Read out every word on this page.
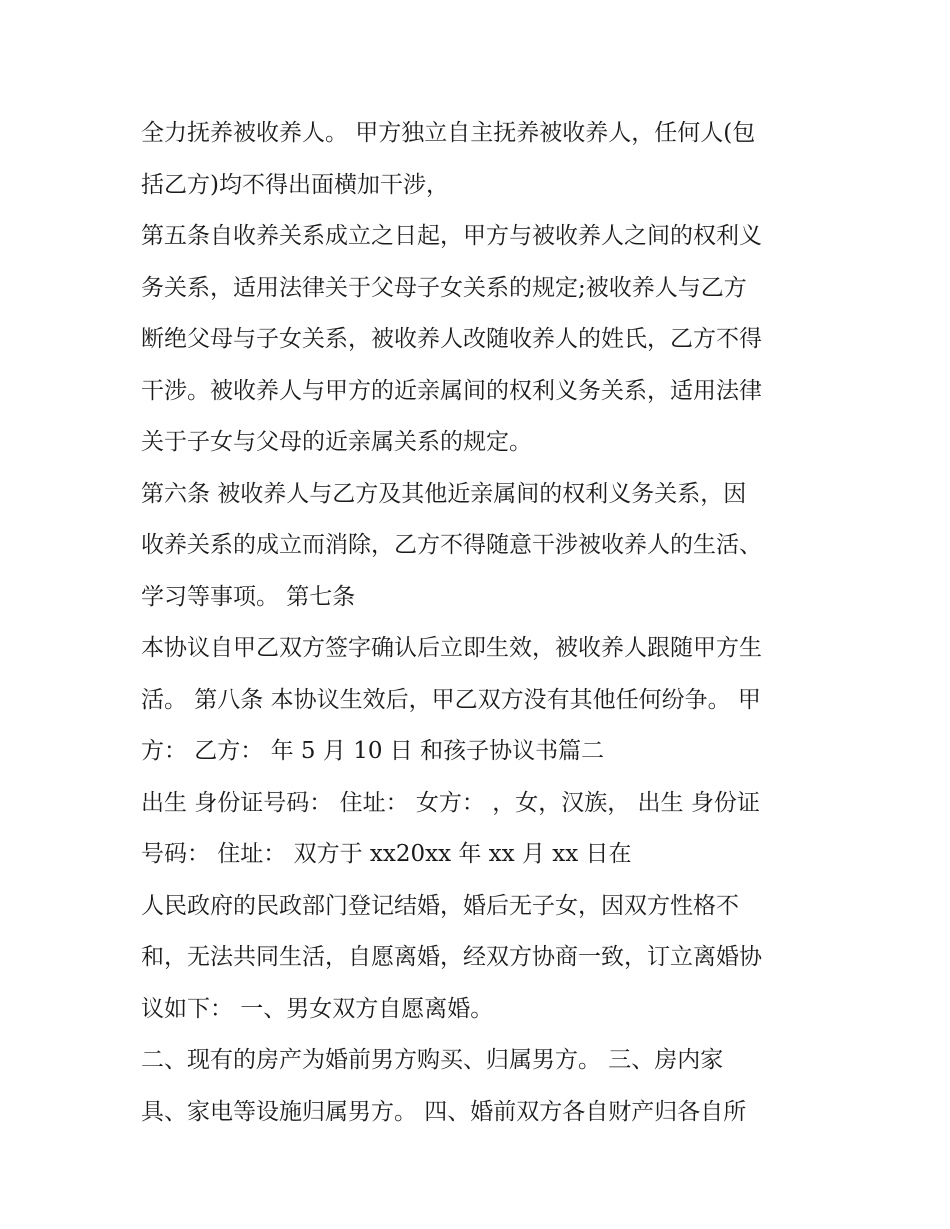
全力抚养被收养人。 甲方独立自主抚养被收养人，任何人(包
括乙方)均不得出面横加干涉，
第五条自收养关系成立之日起，甲方与被收养人之间的权利义
务关系，适用法律关于父母子女关系的规定;被收养人与乙方
断绝父母与子女关系，被收养人改随收养人的姓氏，乙方不得
干涉。被收养人与甲方的近亲属间的权利义务关系，适用法律
关于子女与父母的近亲属关系的规定。
第六条 被收养人与乙方及其他近亲属间的权利义务关系，因
收养关系的成立而消除，乙方不得随意干涉被收养人的生活、
学习等事项。 第七条
本协议自甲乙双方签字确认后立即生效，被收养人跟随甲方生
活。 第八条 本协议生效后，甲乙双方没有其他任何纷争。 甲
方： 乙方： 年 5 月 10 日 和孩子协议书篇二
出生 身份证号码： 住址： 女方： ，女，汉族， 出生 身份证
号码： 住址： 双方于 xx20xx 年 xx 月 xx 日在
人民政府的民政部门登记结婚，婚后无子女，因双方性格不
和，无法共同生活，自愿离婚，经双方协商一致，订立离婚协
议如下： 一、男女双方自愿离婚。
二、现有的房产为婚前男方购买、归属男方。 三、房内家
具、家电等设施归属男方。 四、婚前双方各自财产归各自所
